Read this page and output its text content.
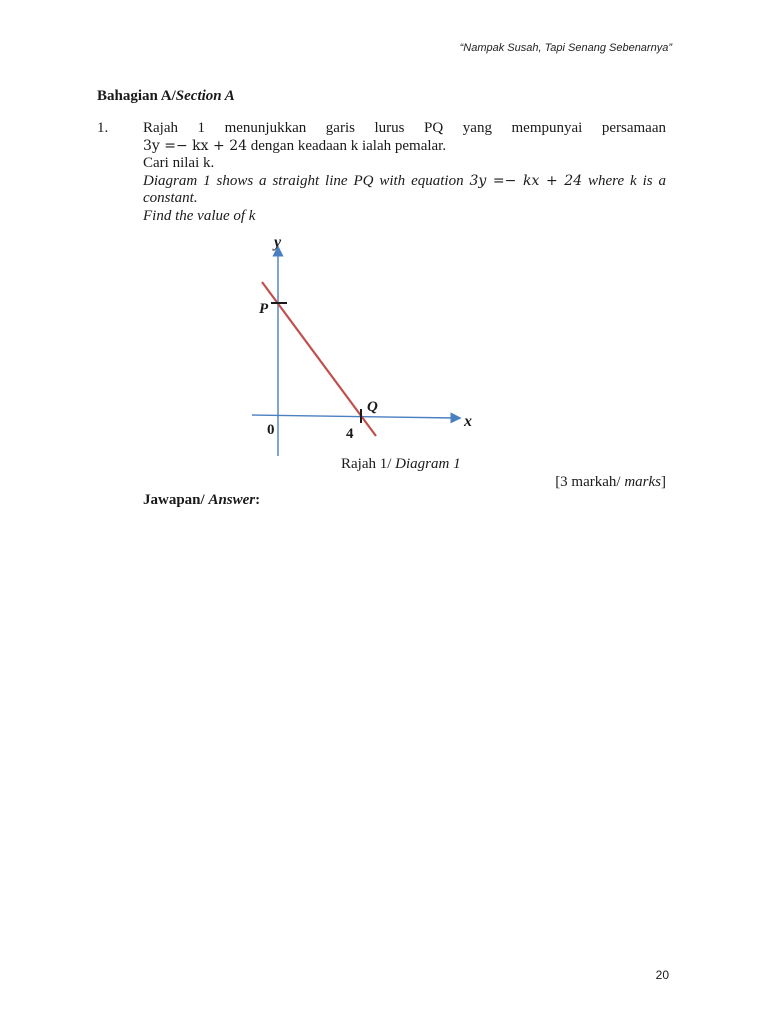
“Nampak Susah, Tapi Senang Sebenarnya”
Bahagian A/Section A
1. Rajah 1 menunjukkan garis lurus PQ yang mempunyai persamaan

3y =− kx + 24 dengan keadaan k ialah pemalar.

Cari nilai k.

Diagram 1 shows a straight line PQ with equation 3y =− kx + 24 where k is a

constant.

Find the value of k

y
x
P
Q
0	4
Rajah 1/ Diagram 1
[3 markah/ marks]
Jawapan/ Answer:
20
